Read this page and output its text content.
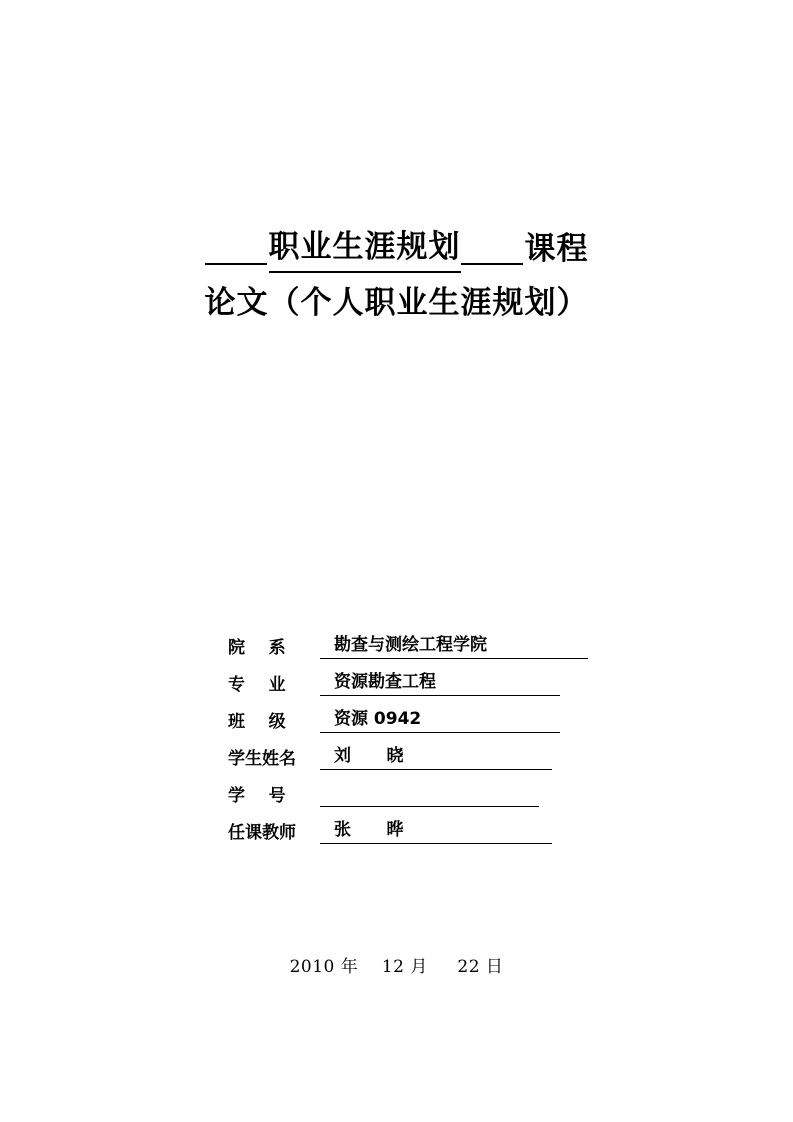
职业生涯规划 课程
论文（个人职业生涯规划）
院    系	勘查与测绘工程学院
专    业	资源勘查工程
班    级	资源 0942
学生姓名	刘      晓
学    号
任课教师	张      晔
2010 年    12 月     22 日
